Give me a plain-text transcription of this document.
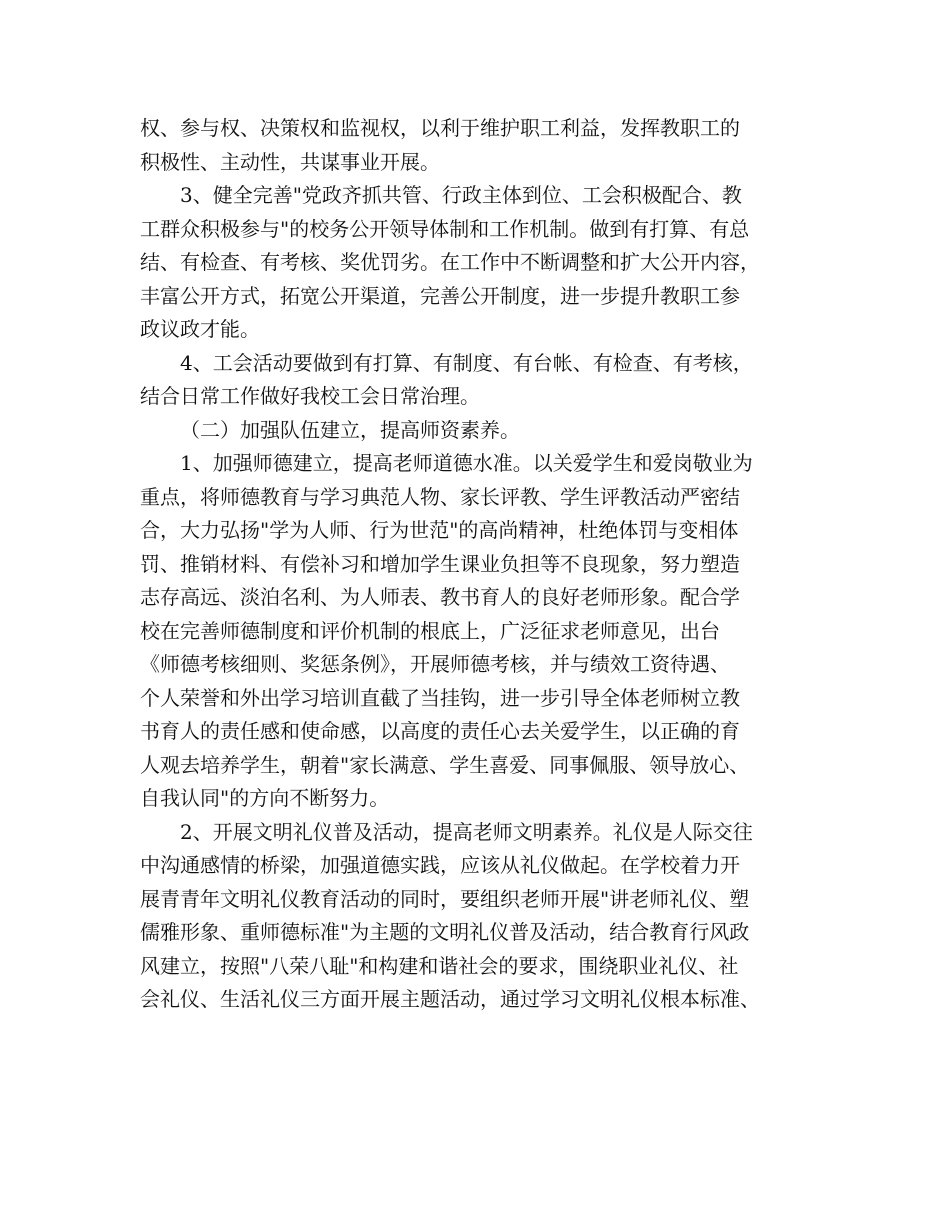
权、参与权、决策权和监视权，以利于维护职工利益，发挥教职工的
积极性、主动性，共谋事业开展。
3、健全完善"党政齐抓共管、行政主体到位、工会积极配合、教
工群众积极参与"的校务公开领导体制和工作机制。做到有打算、有总
结、有检查、有考核、奖优罚劣。在工作中不断调整和扩大公开内容，
丰富公开方式，拓宽公开渠道，完善公开制度，进一步提升教职工参
政议政才能。
4、工会活动要做到有打算、有制度、有台帐、有检查、有考核，
结合日常工作做好我校工会日常治理。
（二）加强队伍建立，提高师资素养。
1、加强师德建立，提高老师道德水准。以关爱学生和爱岗敬业为
重点，将师德教育与学习典范人物、家长评教、学生评教活动严密结
合，大力弘扬"学为人师、行为世范"的高尚精神，杜绝体罚与变相体
罚、推销材料、有偿补习和增加学生课业负担等不良现象，努力塑造
志存高远、淡泊名利、为人师表、教书育人的良好老师形象。配合学
校在完善师德制度和评价机制的根底上，广泛征求老师意见，出台
《师德考核细则、奖惩条例》，开展师德考核，并与绩效工资待遇、
个人荣誉和外出学习培训直截了当挂钩，进一步引导全体老师树立教
书育人的责任感和使命感，以高度的责任心去关爱学生，以正确的育
人观去培养学生，朝着"家长满意、学生喜爱、同事佩服、领导放心、
自我认同"的方向不断努力。
2、开展文明礼仪普及活动，提高老师文明素养。礼仪是人际交往
中沟通感情的桥梁，加强道德实践，应该从礼仪做起。在学校着力开
展青青年文明礼仪教育活动的同时，要组织老师开展"讲老师礼仪、塑
儒雅形象、重师德标准"为主题的文明礼仪普及活动，结合教育行风政
风建立，按照"八荣八耻"和构建和谐社会的要求，围绕职业礼仪、社
会礼仪、生活礼仪三方面开展主题活动，通过学习文明礼仪根本标准、
